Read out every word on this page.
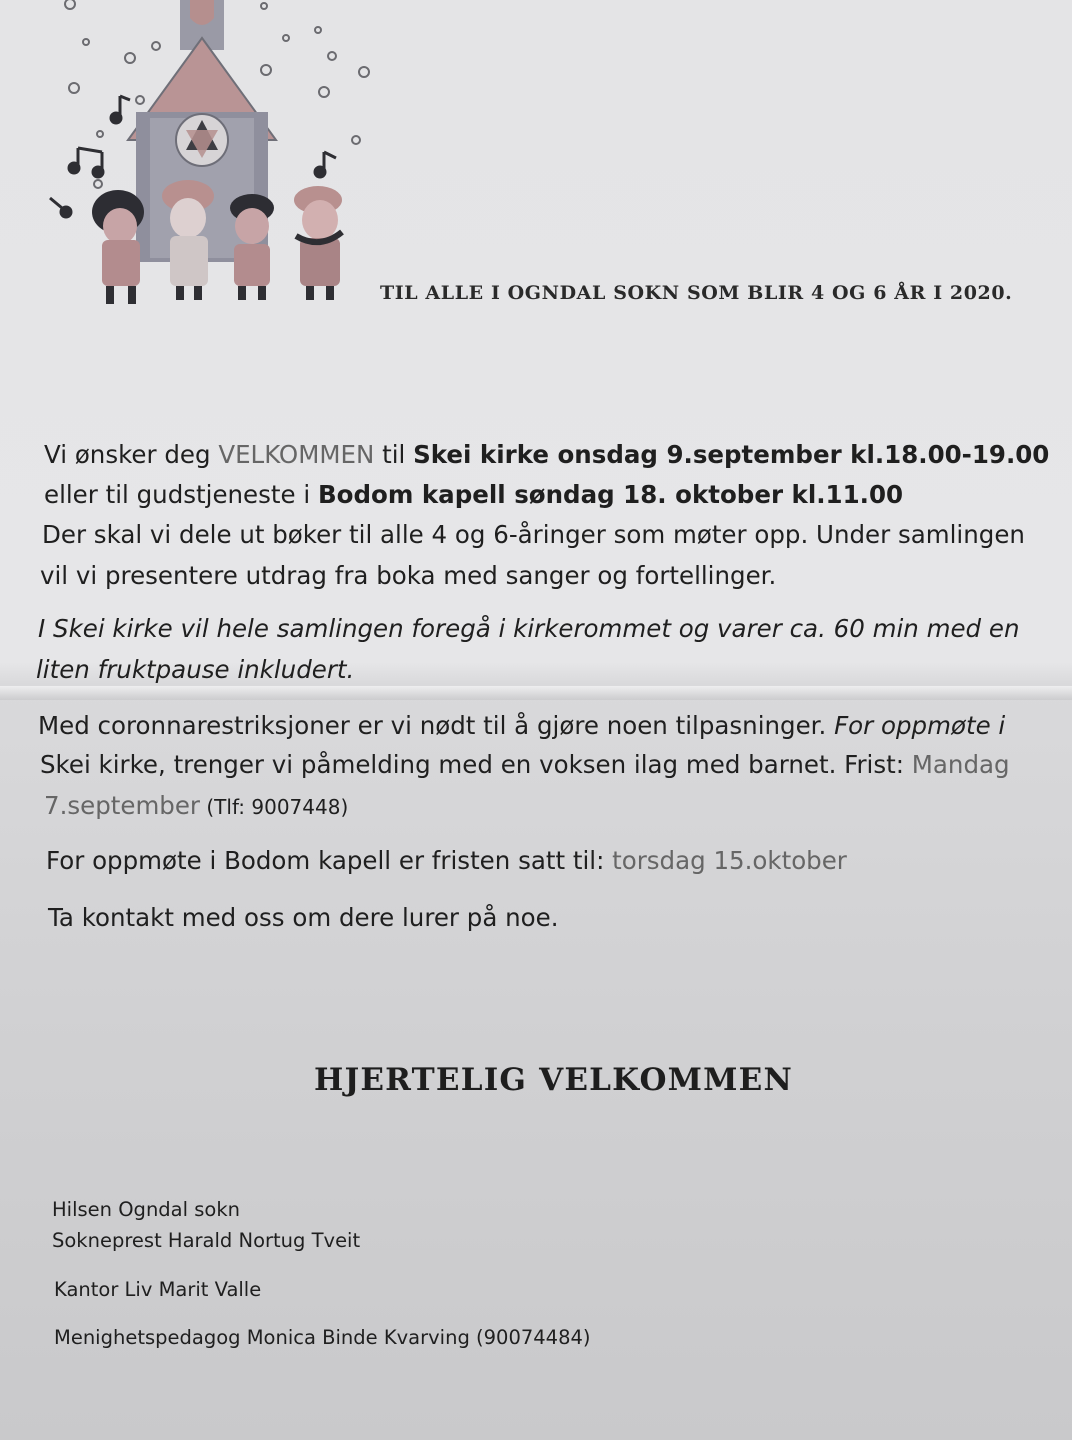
TIL ALLE I OGNDAL SOKN SOM BLIR 4 OG 6 ÅR I 2020.

Vi ønsker deg VELKOMMEN til Skei kirke onsdag 9.september kl.18.00-19.00

eller til gudstjeneste i Bodom kapell søndag 18. oktober kl.11.00

Der skal vi dele ut bøker til alle 4 og 6-åringer som møter opp. Under samlingen

vil vi presentere utdrag fra boka med sanger og fortellinger.

I Skei kirke vil hele samlingen foregå i kirkerommet og varer ca. 60 min med en

liten fruktpause inkludert.

Med coronnarestriksjoner er vi nødt til å gjøre noen tilpasninger. For oppmøte i

Skei kirke, trenger vi påmelding med en voksen ilag med barnet. Frist: Mandag

7.september (Tlf: 9007448)

For oppmøte i Bodom kapell er fristen satt til: torsdag 15.oktober

Ta kontakt med oss om dere lurer på noe.

HJERTELIG VELKOMMEN

Hilsen Ogndal sokn

Sokneprest Harald Nortug Tveit

Kantor Liv Marit Valle

Menighetspedagog Monica Binde Kvarving (90074484)
